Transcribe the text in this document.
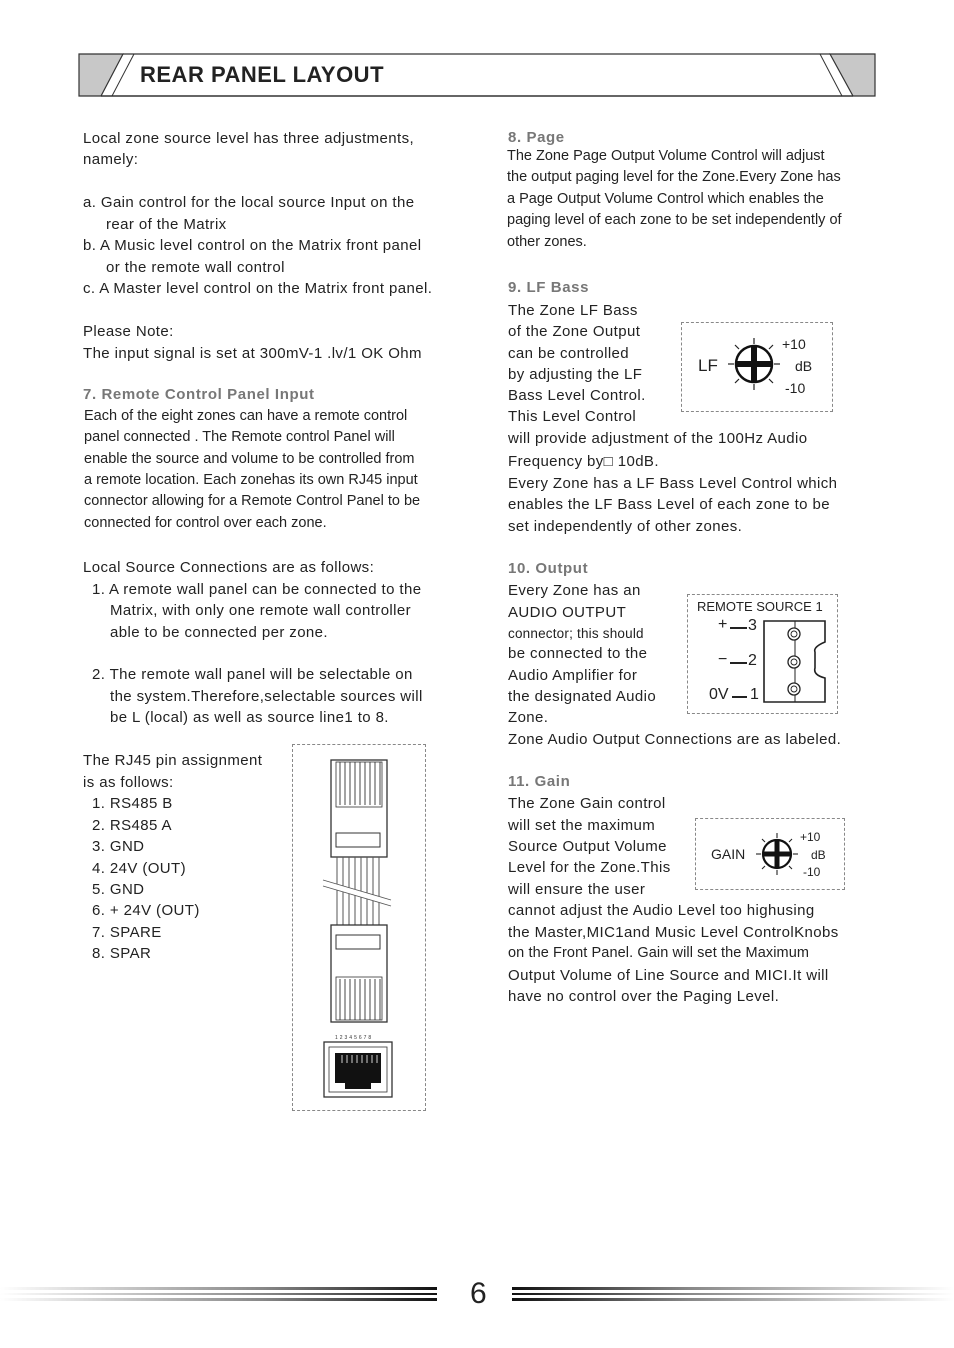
REAR PANEL LAYOUT
Local zone source level has three adjustments,
namely:
a. Gain control for the local source Input on the
rear of the Matrix
b. A Music level control on the Matrix front panel
or the remote wall control
c. A Master level control on the Matrix front panel.
Please Note:
The input signal is set at 300mV-1 .lv/1 OK Ohm
7. Remote Control Panel Input
Each of the eight zones can have a remote control
panel connected . The Remote control Panel will
enable the source and volume to be controlled from
a remote location. Each zonehas its own RJ45 input
connector allowing for a Remote Control Panel to be
connected for control over each zone.
Local Source Connections are as follows:
1. A remote wall panel can be connected to the
Matrix, with only one remote wall controller
able to be connected per zone.
2. The remote wall panel will be selectable on
the system.Therefore,selectable sources will
be L (local) as well as source line1 to 8.
The RJ45 pin assignment
is as follows:
1. RS485 B
2. RS485 A
3. GND
4. 24V (OUT)
5. GND
6. + 24V (OUT)
7. SPARE
8. SPAR
1 2 3 4 5 6 7 8
8. Page
The Zone Page Output Volume Control will adjust
the output paging level for the Zone.Every Zone has
a Page Output Volume Control which enables the
paging level of each zone to be set independently of
other zones.
9. LF Bass
The Zone LF Bass
of the Zone Output
can be controlled
by adjusting the LF
Bass Level Control.
This Level Control
will provide adjustment of the 100Hz Audio
Frequency by□ 10dB.
Every Zone has a LF Bass Level Control which
enables the LF Bass Level of each zone to be
set independently of other zones.
LF
+10
dB
-10
10. Output
Every Zone has an
AUDIO OUTPUT
connector; this should
be connected to the
Audio Amplifier for
the designated Audio
Zone.
Zone Audio Output Connections are as labeled.
REMOTE SOURCE 1
+ 3
− 2
0V 1
11. Gain
The Zone Gain control
will set the maximum
Source Output Volume
Level for the Zone.This
will ensure the user
cannot adjust the Audio Level too highusing
the Master,MIC1and Music Level ControlKnobs
on the Front Panel. Gain will set the Maximum
Output Volume of Line Source and MICI.It will
have no control over the Paging Level.
GAIN
+10
dB
-10
6
